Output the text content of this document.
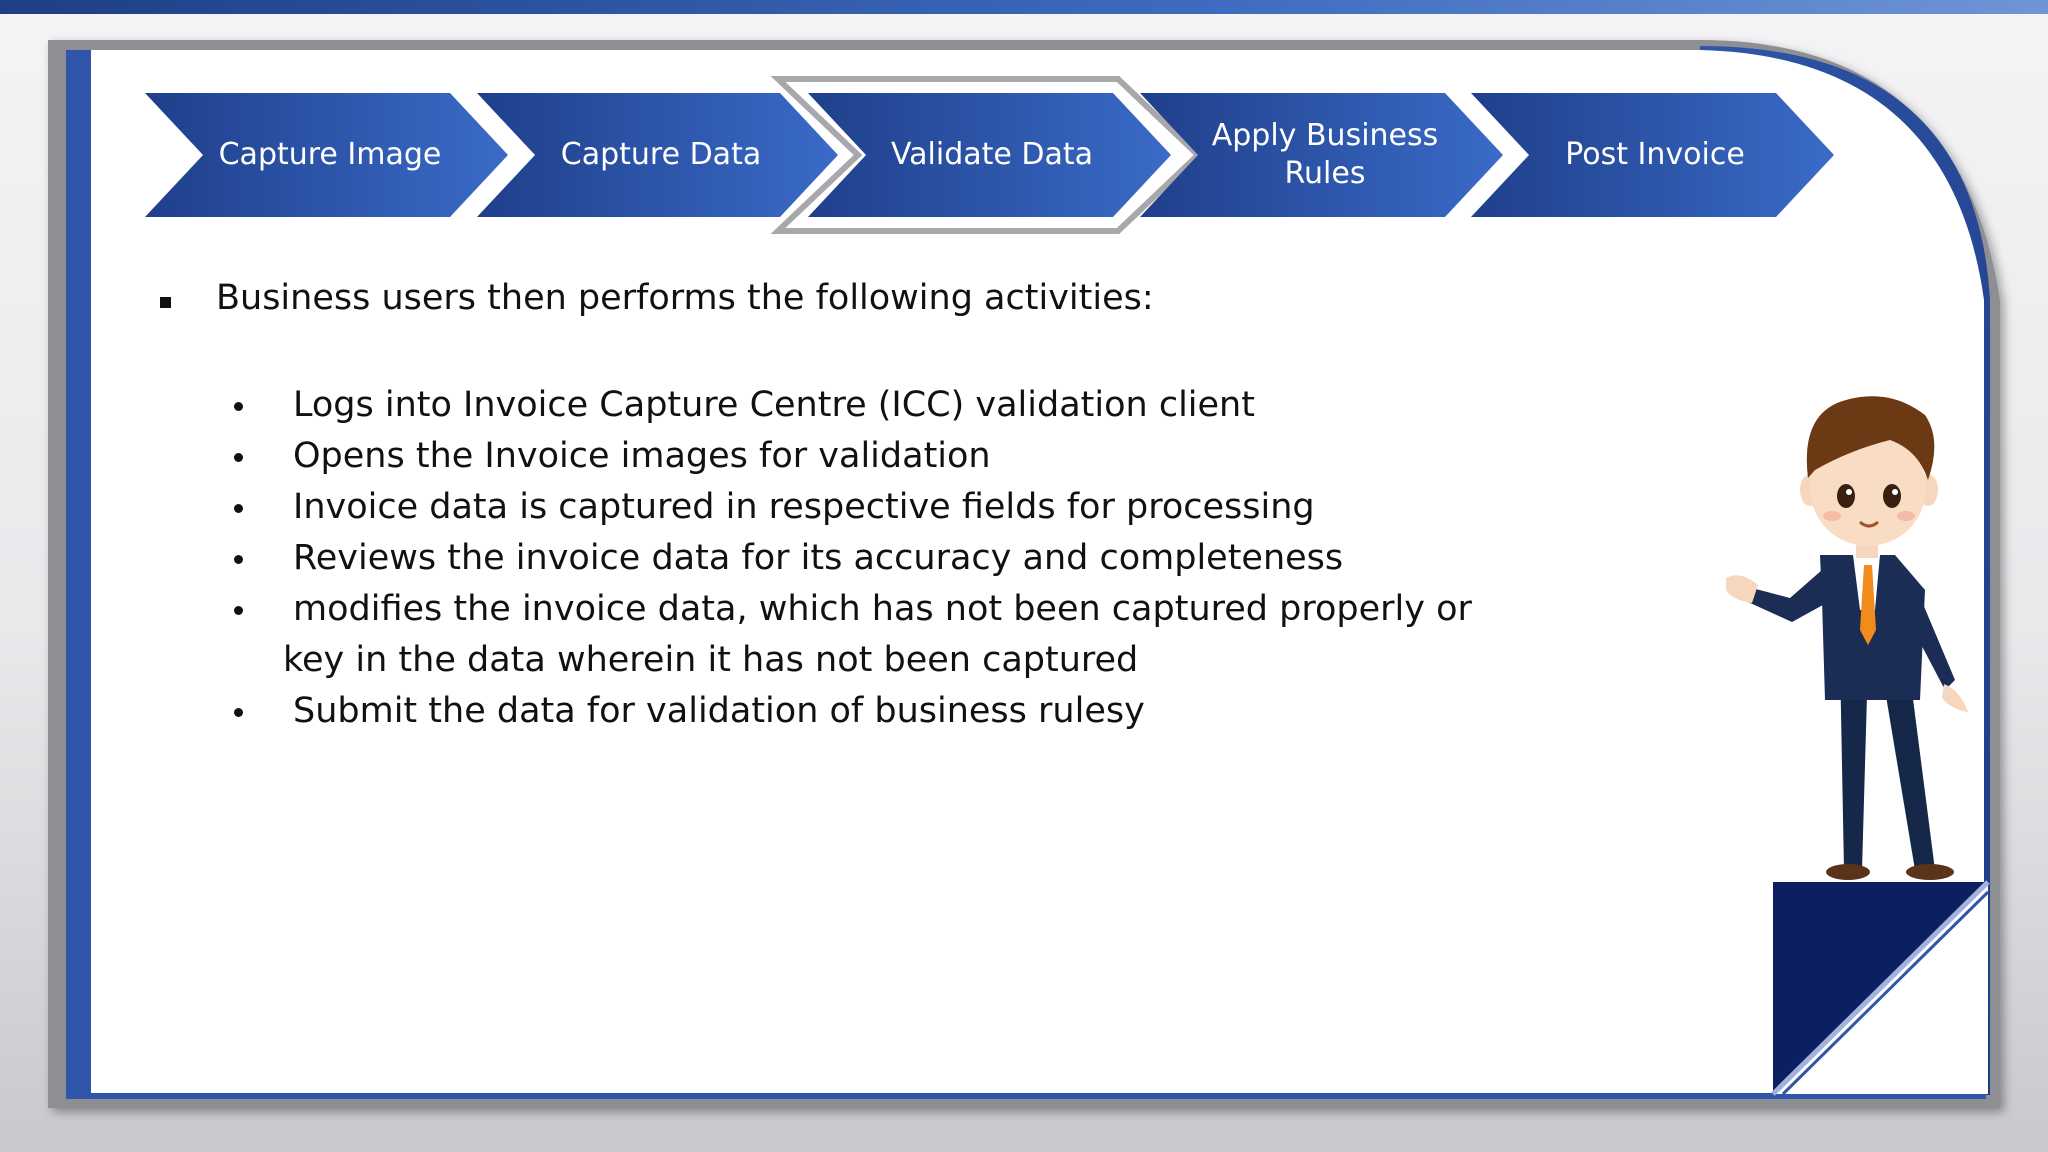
Capture Image	Capture Data	Validate Data
Apply Business
Rules
Post Invoice
Business users then performs the following activities:
Logs into Invoice Capture Centre (ICC) validation client
Opens the Invoice images for validation
Invoice data is captured in respective fields for processing
Reviews the invoice data for its accuracy and completeness
modifies the invoice data, which has not been captured properly or
key in the data wherein it has not been captured
Submit the data for validation of business rulesy
